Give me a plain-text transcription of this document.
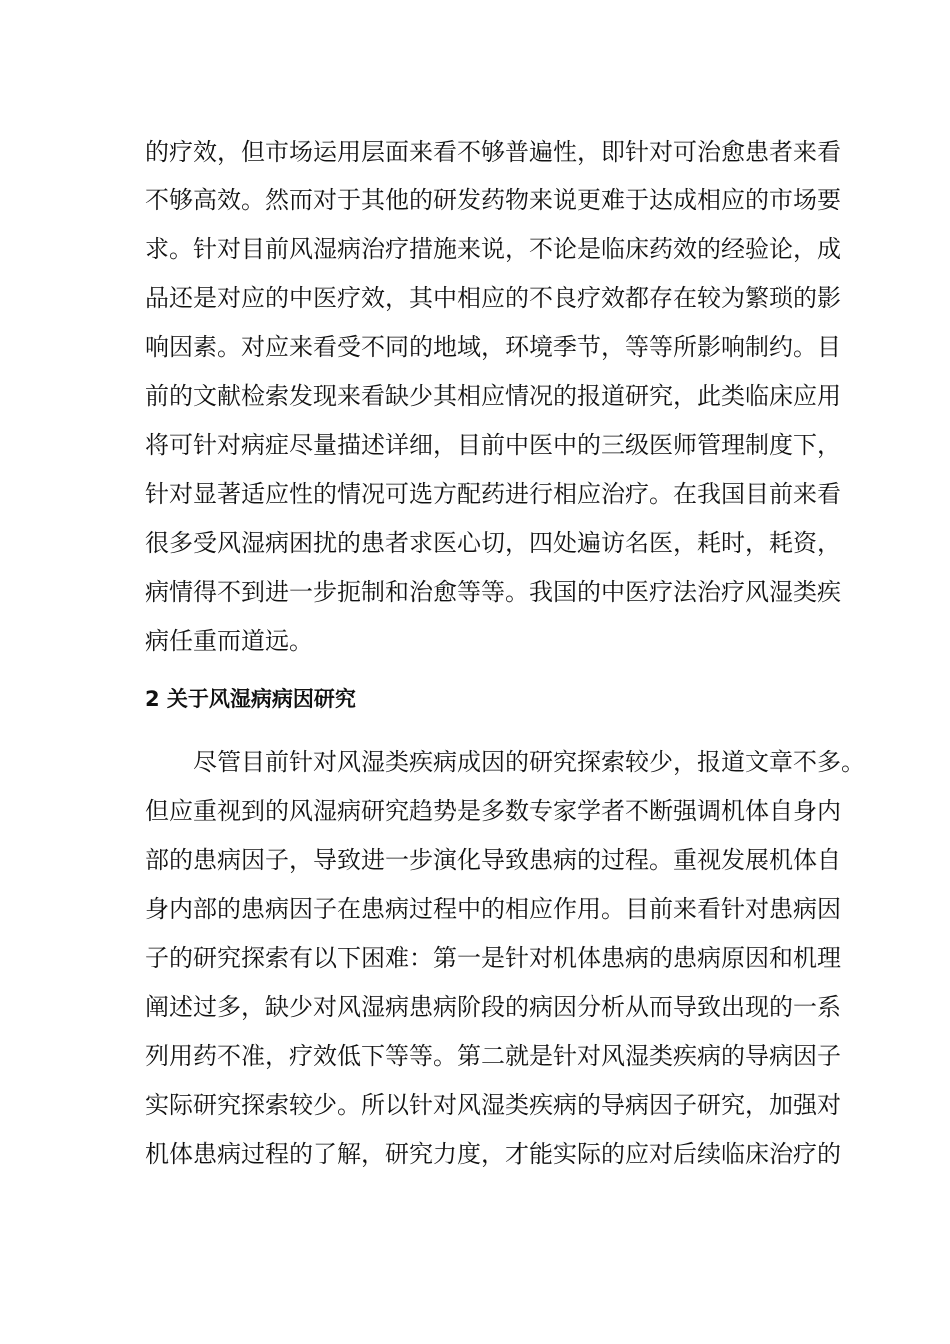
的疗效，但市场运用层面来看不够普遍性，即针对可治愈患者来看
不够高效。然而对于其他的研发药物来说更难于达成相应的市场要
求。针对目前风湿病治疗措施来说，不论是临床药效的经验论，成
品还是对应的中医疗效，其中相应的不良疗效都存在较为繁琐的影
响因素。对应来看受不同的地域，环境季节，等等所影响制约。目
前的文献检索发现来看缺少其相应情况的报道研究，此类临床应用
将可针对病症尽量描述详细，目前中医中的三级医师管理制度下，
针对显著适应性的情况可选方配药进行相应治疗。在我国目前来看
很多受风湿病困扰的患者求医心切，四处遍访名医，耗时，耗资，
病情得不到进一步扼制和治愈等等。我国的中医疗法治疗风湿类疾
病任重而道远。
2 关于风湿病病因研究
尽管目前针对风湿类疾病成因的研究探索较少，报道文章不多。
但应重视到的风湿病研究趋势是多数专家学者不断强调机体自身内
部的患病因子，导致进一步演化导致患病的过程。重视发展机体自
身内部的患病因子在患病过程中的相应作用。目前来看针对患病因
子的研究探索有以下困难：第一是针对机体患病的患病原因和机理
阐述过多，缺少对风湿病患病阶段的病因分析从而导致出现的一系
列用药不准，疗效低下等等。第二就是针对风湿类疾病的导病因子
实际研究探索较少。所以针对风湿类疾病的导病因子研究，加强对
机体患病过程的了解，研究力度，才能实际的应对后续临床治疗的
